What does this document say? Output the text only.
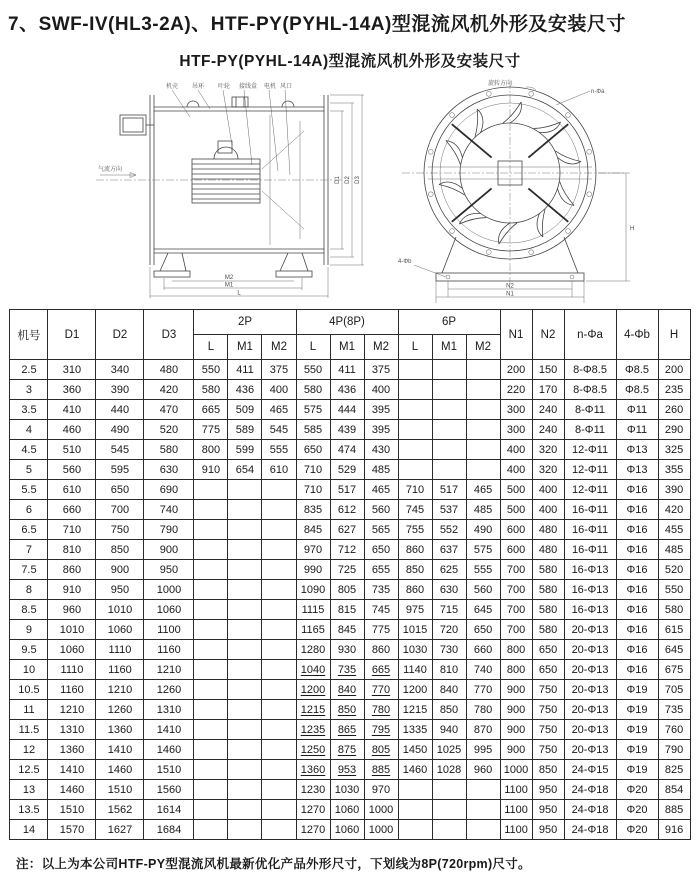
7、SWF-IV(HL3-2A)、HTF-PY(PYHL-14A)型混流风机外形及安装尺寸
HTF-PY(PYHL-14A)型混流风机外形及安装尺寸
机壳 吊环 叶轮 接线盒 电机 风口
M2
M1
L
D1 D2 D3
气流方向
旋转方向
N2
N1
H
n-Φa
4-Φb
机号	D1	D2	D3	2P			4P(8P)			6P			N1	N2	n-Φa	4-Φb	H
				L	M1	M2	L	M1	M2	L	M1	M2					
2.5	310	340	480	550	411	375	550	411	375				200	150	8-Φ8.5	Φ8.5	200
3	360	390	420	580	436	400	580	436	400				220	170	8-Φ8.5	Φ8.5	235
3.5	410	440	470	665	509	465	575	444	395				300	240	8-Φ11	Φ11	260
4	460	490	520	775	589	545	585	439	395				300	240	8-Φ11	Φ11	290
4.5	510	545	580	800	599	555	650	474	430				400	320	12-Φ11	Φ13	325
5	560	595	630	910	654	610	710	529	485				400	320	12-Φ11	Φ13	355
5.5	610	650	690				710	517	465	710	517	465	500	400	12-Φ11	Φ16	390
6	660	700	740				835	612	560	745	537	485	500	400	16-Φ11	Φ16	420
6.5	710	750	790				845	627	565	755	552	490	600	480	16-Φ11	Φ16	455
7	810	850	900				970	712	650	860	637	575	600	480	16-Φ11	Φ16	485
7.5	860	900	950				990	725	655	850	625	555	700	580	16-Φ13	Φ16	520
8	910	950	1000				1090	805	735	860	630	560	700	580	16-Φ13	Φ16	550
8.5	960	1010	1060				1115	815	745	975	715	645	700	580	16-Φ13	Φ16	580
9	1010	1060	1100				1165	845	775	1015	720	650	700	580	20-Φ13	Φ16	615
9.5	1060	1110	1160				1280	930	860	1030	730	660	800	650	20-Φ13	Φ16	645
10	1110	1160	1210				1040	735	665	1140	810	740	800	650	20-Φ13	Φ16	675
10.5	1160	1210	1260				1200	840	770	1200	840	770	900	750	20-Φ13	Φ19	705
11	1210	1260	1310				1215	850	780	1215	850	780	900	750	20-Φ13	Φ19	735
11.5	1310	1360	1410				1235	865	795	1335	940	870	900	750	20-Φ13	Φ19	760
12	1360	1410	1460				1250	875	805	1450	1025	995	900	750	20-Φ13	Φ19	790
12.5	1410	1460	1510				1360	953	885	1460	1028	960	1000	850	24-Φ15	Φ19	825
13	1460	1510	1560				1230	1030	970				1100	950	24-Φ18	Φ20	854
13.5	1510	1562	1614				1270	1060	1000				1100	950	24-Φ18	Φ20	885
14	1570	1627	1684				1270	1060	1000				1100	950	24-Φ18	Φ20	916
注：以上为本公司HTF-PY型混流风机最新优化产品外形尺寸，下划线为8P(720rpm)尺寸。
